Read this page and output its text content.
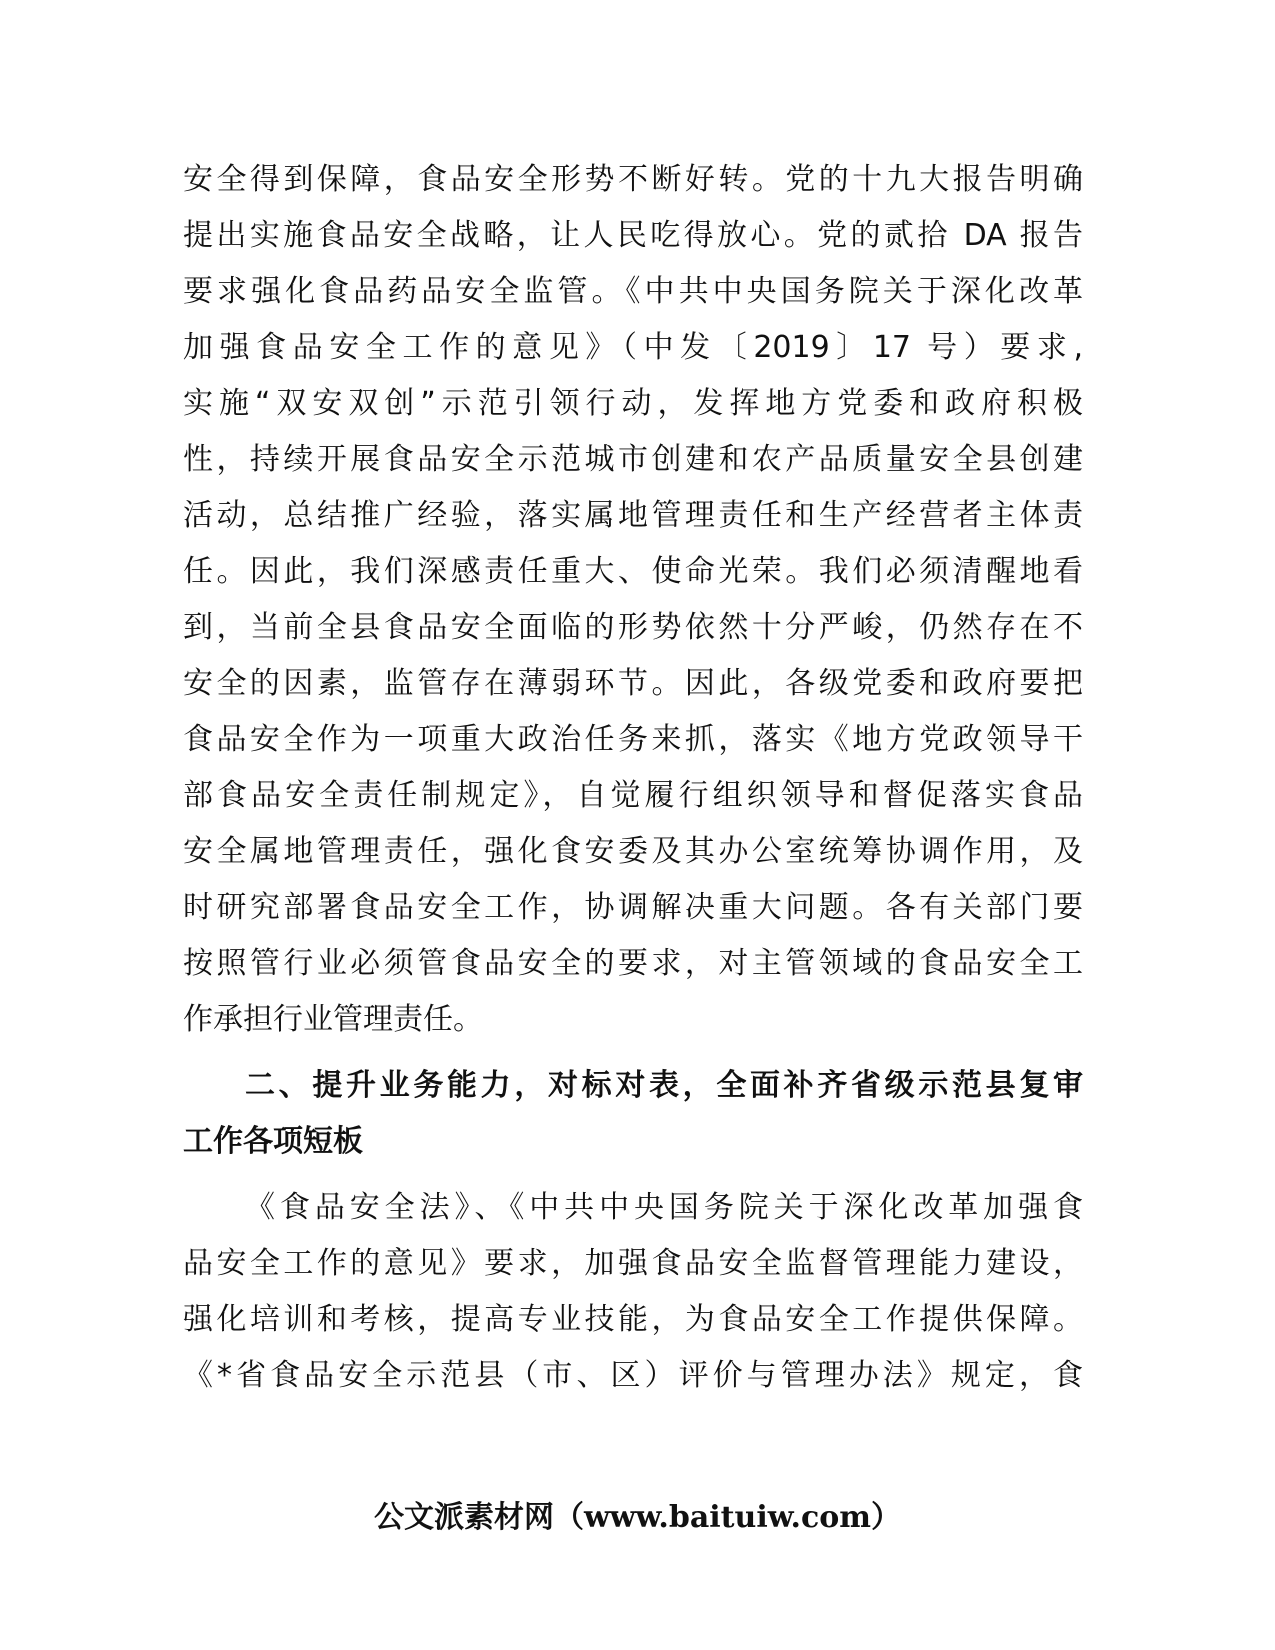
安全得到保障，食品安全形势不断好转。党的十九大报告明确
提出实施食品安全战略，让人民吃得放心。党的贰拾 DA 报告
要求强化食品药品安全监管。《中共中央国务院关于深化改革
加强食品安全工作的意见》（中发〔2019〕17 号）要求,
实施“双安双创”示范引领行动，发挥地方党委和政府积极
性，持续开展食品安全示范城市创建和农产品质量安全县创建
活动，总结推广经验，落实属地管理责任和生产经营者主体责
任。因此，我们深感责任重大、使命光荣。我们必须清醒地看
到，当前全县食品安全面临的形势依然十分严峻，仍然存在不
安全的因素，监管存在薄弱环节。因此，各级党委和政府要把
食品安全作为一项重大政治任务来抓，落实《地方党政领导干
部食品安全责任制规定》，自觉履行组织领导和督促落实食品
安全属地管理责任，强化食安委及其办公室统筹协调作用，及
时研究部署食品安全工作，协调解决重大问题。各有关部门要
按照管行业必须管食品安全的要求，对主管领域的食品安全工
作承担行业管理责任。
二、提升业务能力，对标对表，全面补齐省级示范县复审
工作各项短板
《食品安全法》、《中共中央国务院关于深化改革加强食
品安全工作的意见》要求，加强食品安全监督管理能力建设，
强化培训和考核，提高专业技能，为食品安全工作提供保障。
《*省食品安全示范县（市、区）评价与管理办法》规定，食
公文派素材网（www.baituiw.com）
